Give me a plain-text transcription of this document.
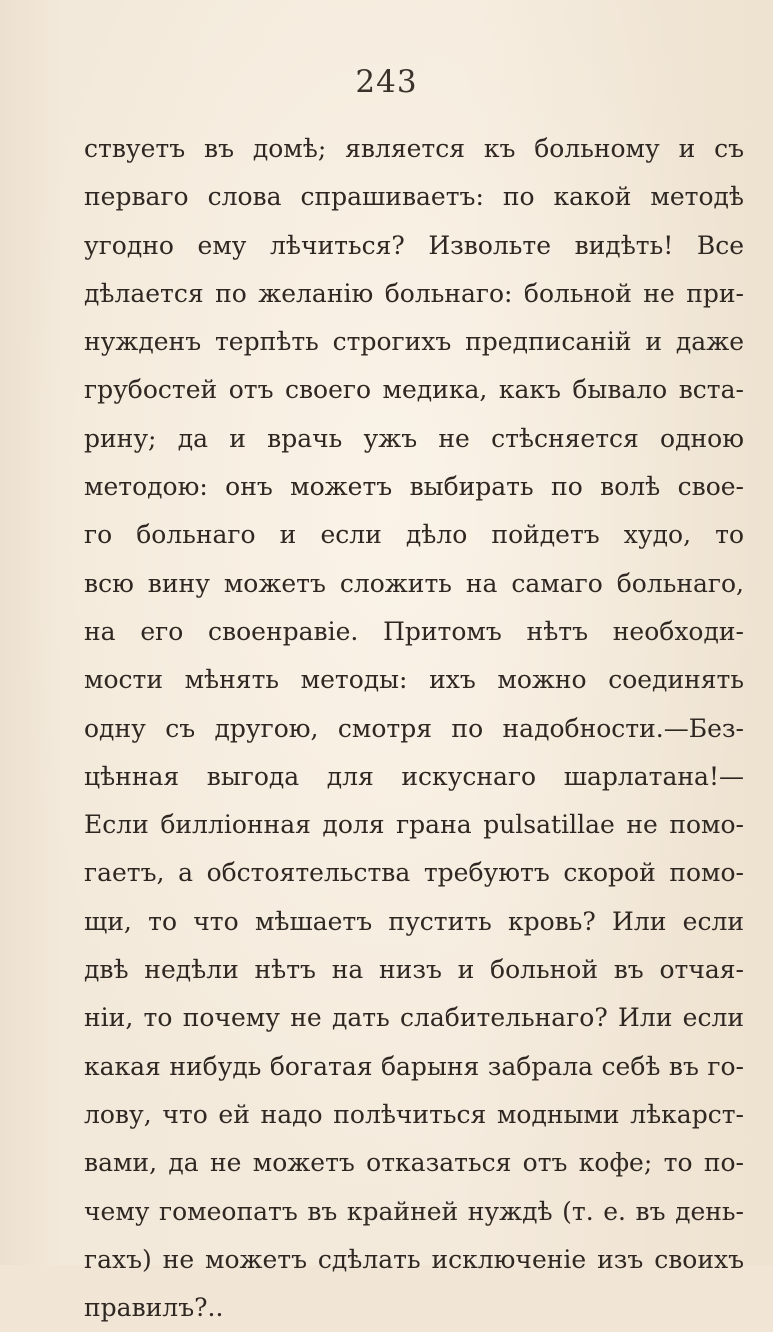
243
ствуетъ въ домѣ; является къ больному и съ
перваго слова спрашиваетъ: по какой методѣ
угодно ему лѣчиться? Извольте видѣть! Все
дѣлается по желанію больнаго: больной не при-
нужденъ терпѣть строгихъ предписаній и даже
грубостей отъ своего медика, какъ бывало вста-
рину; да и врачь ужъ не стѣсняется одною
методою: онъ можетъ выбирать по волѣ свое-
го больнаго и если дѣло пойдетъ худо, то
всю вину можетъ сложить на самаго больнаго,
на его своенравіе. Притомъ нѣтъ необходи-
мости мѣнять методы: ихъ можно соединять
одну съ другою, смотря по надобности.—Без-
цѣнная выгода для искуснаго шарлатана!—
Если билліонная доля грана pulsatillae не помо-
гаетъ, а обстоятельства требуютъ скорой помо-
щи, то что мѣшаетъ пустить кровь? Или если
двѣ недѣли нѣтъ на низъ и больной въ отчая-
ніи, то почему не дать слабительнаго? Или если
какая нибудь богатая барыня забрала себѣ въ го-
лову, что ей надо полѣчиться модными лѣкарст-
вами, да не можетъ отказаться отъ кофе; то по-
чему гомеопатъ въ крайней нуждѣ (т. е. въ день-
гахъ) не можетъ сдѣлать исключеніе изъ своихъ
правилъ?..
